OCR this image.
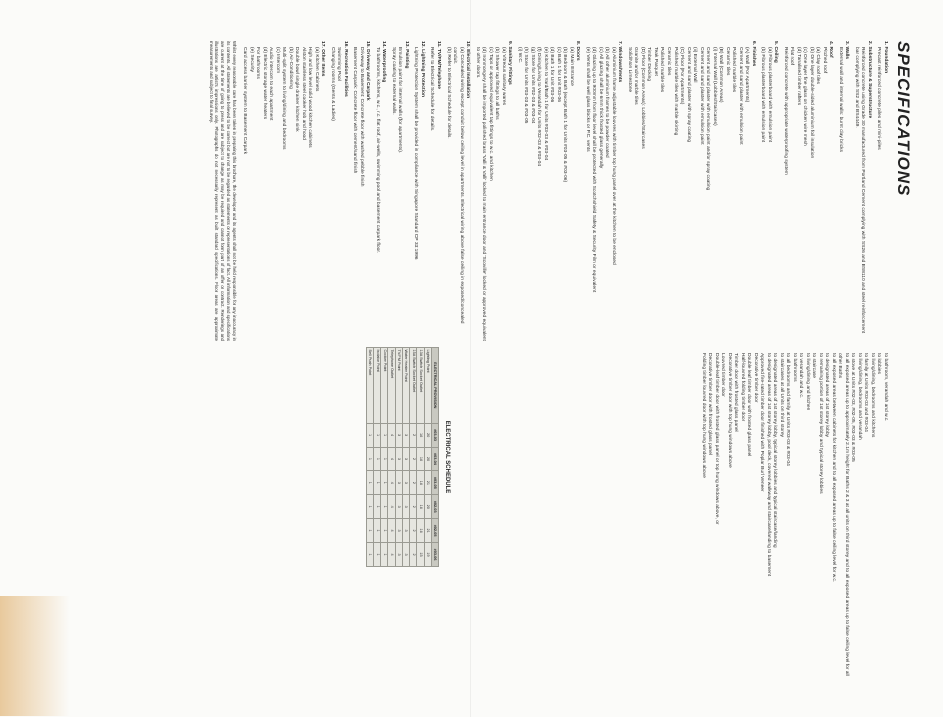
SPECIFICATIONS
1. Foundation
Precast reinforced concrete piles and mini-piles
2. Substructure & Superstructure
Reinforced concrete using Grade 30 manufactured from Portland Cement complying with SS26 and BS8110 and steel reinforcement bar complying with SS2 and BS4449.
3. Walls
External wall and internal walls: burnt clay bricks
4. Roof
Pitched roof
(a) Clay roof tiles
(b) One layer double-sided aluminium foil insulation
(c) One layer fine glass on chicken wire mesh
(d) Tanalised timber rafters
Flat roof
Reinforced concrete with appropriate waterproofing system
5. Ceiling
(a) Fibrous plasterboard with emulsion paint
(b) Fibrous plasterboard with emulsion paint
6. Finishes
(A) Wall (For Apartments)
Cement and sand plaster with emulsion paint
Polished marble tiles
Ceramic tiles
(B) Wall (Common Areas)
(i) Internal Wall (Lobbies/Staircases)
Cement and sand plaster with emulsion paint and/or spray coating
Cement and sand plaster with emulsion paint
(ii) External Wall
Cement and sand plaster with spray coating
(C) Floor (For Apartments)
Polished marble tiles with marble skirting
Ceramic tiles
Polished marble tiles
Teak Parquet
Timber Decking
(D) Floor (Common Areas): Lobbies/Staircases
Granite and/or marble tiles
Solid/Non Limestone
7. Windows/Vents
(a) Aluminium frame adjustable louvres with timber top hung panel over at the kitchen to be enclosed
(b) All other aluminium frames to be powder coated
(c) All glazing shall be 6mm thick frosted glass generally
(d) Glazing up to 900mm from floor level shall be protected with Scotchshield Safety & Security Film or equivalent
(e) Vents shall be well glass blocks or P.C. vents
8. Doors
(a) Main Entrance
(b) Bedroom & Bath (except Bath 1 for Units #03-05 & #03-06)
(c) Bath 1 for Unit #03-06
(d) Bath 1 for Unit #03-06
(e) Kitchen to Yard/Bath 1 for Units #03-03 & #03-04
(f) Dining/Living to Verandah for Units #02-03 & #03-04
(g) Store for Units #02-03 & #03-04
(h) Store for Units #03-03 & #03-05
(i) W.C.
9. Sanitary Fittings
(a) Vitreous sanitary wares
(b) Shower tap fittings to all baths
(c) Taps or approved equivalent tap fittings to w.c. and kitchen
(d) Ironmongery shall be imported polished brass 'Valli & Valli' locked to main entrance door and 'Scoville' locked or approved equivalent to other doors.
10. Electrical Installation
(a) Concealed wiring except conduit below ceiling level in apartments. Electrical wiring above false ceiling in exposed/concealed conduit.
(b) Refer to Electrical Schedule for details.
11. TV/FM/Telephone
Refer to Electrical Schedule for details.
12. Lightning Protection
Lightning Protection System shall be provided in compliance with Singapore Standard CP 33:1996
13. Painting
Emulsion paint for internal walls (for apartments).
Spray coating to external walls.
14. Waterproofing
To bathrooms, kitchens, w.c., r.c. flat roof, air-wells, swimming pool and basement carpark floor.
15. Driveway and Carpark
Driveway to Basement: Concrete floor with washed pebble finish
Basement Carpark: Concrete floor with cement/sand finish
16. Recreation Facilities
Swimming Pool
Changing rooms (Gents & Ladies)
17. Other Items
(a) Kitchen Cabinets
High and low level solid wood kitchen cabinets
Alston stainless steel cooker hob and hood
Double bowl single drainer kitchen sink
(b) Air-Conditioning
Multi-split system to living/dining and bedrooms
(c) Intercom
Audio intercom to each apartment
(d) Electric storage water heaters
For bathrooms
(e) Security
Card access barrier system to Basement Carpark
Whilst every reasonable care has been taken in preparing this brochure, the developer and its agents shall not be held responsible for any inaccuracy in its contents. All statements are believed to be correct but are not to be regarded as statements or representations of fact. All information and specifications are current at the time of going to press and are subject to change as may be required and cannot form part of an offer or contract. Renderings and illustrations are artist's impressions only. Photographs do not necessarily represent as built standard specifications. Floor areas are approximate measurements and subject to final survey.
to bathroom, verandah and w.c.
to lobbies
to living/dining, bedrooms and kitchens
to family at Units #03-03 and #03-04
to living/dining, bedrooms and verandah
to stove at Units #02-03, #02-05, #03-03 & #03-05
to all exposed areas up to approximately 2.1m height for Baths 2 & 3 at all units on third storey and to all exposed areas up to false ceiling level for all other Baths
to all exposed areas between cabinets for kitchen and to all exposed areas up to false ceiling level for w.c.
to designated areas of 1st storey lobby
to remaining portion of 1st storey lobby and typical storey lobbies
to staircase
to living/dining and kitchen
to verandah and w.c.
to bathrooms
to all bedrooms and family at Units #03-03 & #03-04
to staircases at all Units on third storey
to designated areas of 1st storey lobby, typical storey lobbies and typical staircase/landing
to designated areas of 1st storey lobby, pool deck, covered walkway and staircase/landing to basement
Approved fire-rated timber door finished with Poplar Burl Veneer
Decorative timber door
Double leaf timber door with frosted glass panel
Half-louvred folding timber door
Timber door with frosted glass panel
Decorative timber door with top hung windows above
Louvred timber door
Double-leaf timber door with frosted glass panel or top hung windows above, or
Decorative timber door with frosted glass panel
Folding timber louvred door with top hung windows above
ELECTRICAL SCHEDULE
ELECTRICAL PROVISION	#03-03	#03-04	#03-05	#02-03	#02-05	#03-06
Lighting Point	20	20	21	20	21	19
13A Switch Socket Outlet	16	16	16	16	16	15
15A Switch Socket Outlet	2	2	2	2	2	2
Water Heater Point	3	3	3	3	3	3
TV/FM Point	3	3	3	3	3	3
Telephone Outlet	4	4	4	4	4	4
Cooker Point	1	1	1	1	1	1
Isolator Point	1	1	1	1	1	1
Bell Push Point	1	1	1	1	1	1
